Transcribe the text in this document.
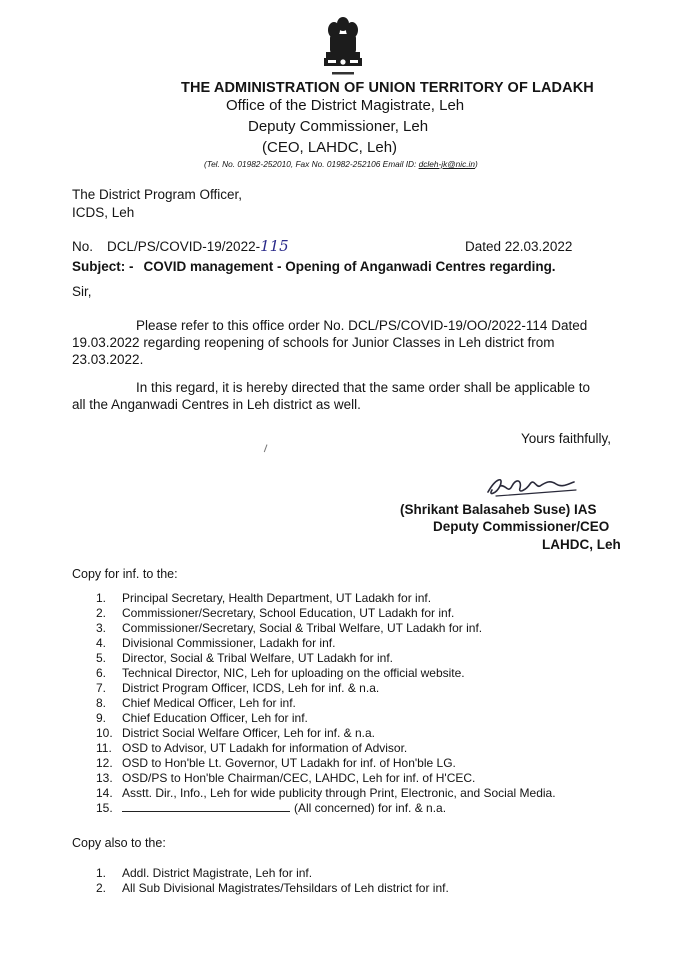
THE ADMINISTRATION OF UNION TERRITORY OF LADAKH
Office of the District Magistrate, Leh
Deputy Commissioner, Leh
(CEO, LAHDC, Leh)
(Tel. No. 01982-252010, Fax No. 01982-252106 Email ID: dcleh-jk@nic.in)
The District Program Officer,
ICDS, Leh
No. DCL/PS/COVID-19/2022-115	Dated 22.03.2022
Subject: - COVID management - Opening of Anganwadi Centres regarding.
Sir,
Please refer to this office order No. DCL/PS/COVID-19/OO/2022-114 Dated
19.03.2022 regarding reopening of schools for Junior Classes in Leh district from
23.03.2022.
In this regard, it is hereby directed that the same order shall be applicable to
all the Anganwadi Centres in Leh district as well.
Yours faithfully,
(Shrikant Balasaheb Suse) IAS
Deputy Commissioner/CEO
LAHDC, Leh
Copy for inf. to the:
1. Principal Secretary, Health Department, UT Ladakh for inf.
2. Commissioner/Secretary, School Education, UT Ladakh for inf.
3. Commissioner/Secretary, Social & Tribal Welfare, UT Ladakh for inf.
4. Divisional Commissioner, Ladakh for inf.
5. Director, Social & Tribal Welfare, UT Ladakh for inf.
6. Technical Director, NIC, Leh for uploading on the official website.
7. District Program Officer, ICDS, Leh for inf. & n.a.
8. Chief Medical Officer, Leh for inf.
9. Chief Education Officer, Leh for inf.
10. District Social Welfare Officer, Leh for inf. & n.a.
11. OSD to Advisor, UT Ladakh for information of Advisor.
12. OSD to Hon'ble Lt. Governor, UT Ladakh for inf. of Hon'ble LG.
13. OSD/PS to Hon'ble Chairman/CEC, LAHDC, Leh for inf. of H'CEC.
14. Asstt. Dir., Info., Leh for wide publicity through Print, Electronic, and Social Media.
15.	(All concerned) for inf. & n.a.
Copy also to the:
1. Addl. District Magistrate, Leh for inf.
2. All Sub Divisional Magistrates/Tehsildars of Leh district for inf.
